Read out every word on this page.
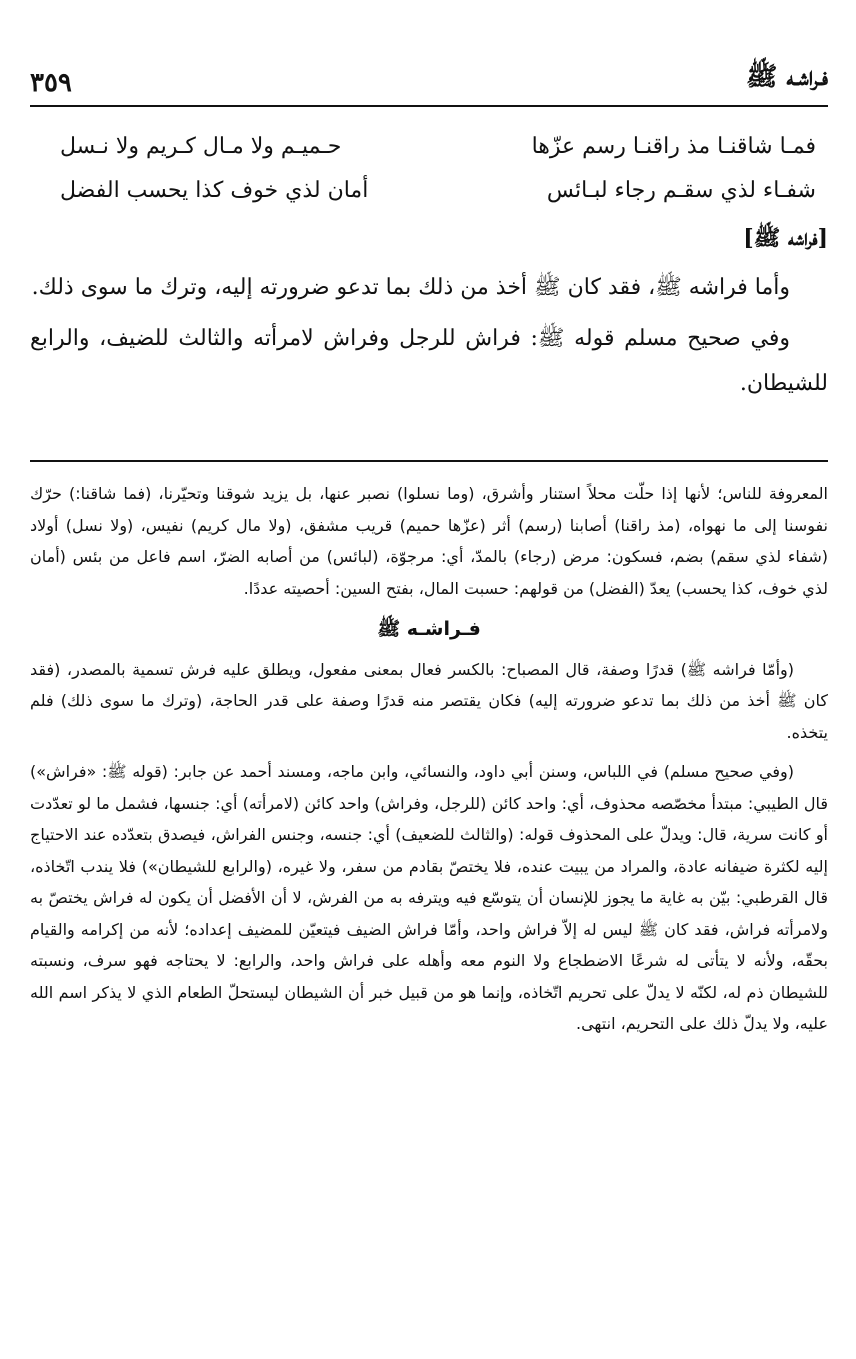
فـراشـه ﷺ
٣٥٩
فمـا شاقنـا مذ راقنـا رسم عزّها
حـميـم ولا مـال كـريم ولا نـسل
شفـاء لذي سقـم رجاء لبـائس
أمان لذي خوف كذا يحسب الفضل

[فراشه ﷺ]

وأما فراشه ﷺ، فقد كان ﷺ أخذ من ذلك بما تدعو ضرورته إليه، وترك ما سوى ذلك.

وفي صحيح مسلم قوله ﷺ: فراش للرجل وفراش لامرأته والثالث للضيف، والرابع للشيطان.

المعروفة للناس؛ لأنها إذا حلّت محلاً استنار وأشرق، (وما نسلوا) نصبر عنها، بل يزيد شوقنا وتحيّرنا، (فما شاقنا:) حرّك نفوسنا إلى ما نهواه، (مذ راقنا) أصابنا (رسم) أثر (عزّها حميم) قريب مشفق، (ولا مال كريم) نفيس، (ولا نسل) أولاد (شفاء لذي سقم) بضم، فسكون: مرض (رجاء) بالمدّ، أي: مرجوّة، (لبائس) من أصابه الضرّ، اسم فاعل من بئس (أمان لذي خوف، كذا يحسب) يعدّ (الفضل) من قولهم: حسبت المال، بفتح السين: أحصيته عددًا.

فـراشـه ﷺ

(وأمّا فراشه ﷺ) قدرًا وصفة، قال المصباح: بالكسر فعال بمعنى مفعول، ويطلق عليه فرش تسمية بالمصدر، (فقد كان ﷺ أخذ من ذلك بما تدعو ضرورته إليه) فكان يقتصر منه قدرًا وصفة على قدر الحاجة، (وترك ما سوى ذلك) فلم يتخذه.

(وفي صحيح مسلم) في اللباس، وسنن أبي داود، والنسائي، وابن ماجه، ومسند أحمد عن جابر: (قوله ﷺ: «فراش») قال الطيبي: مبتدأ مخصّصه محذوف، أي: واحد كائن (للرجل، وفراش) واحد كائن (لامرأته) أي: جنسها، فشمل ما لو تعدّدت أو كانت سرية، قال: ويدلّ على المحذوف قوله: (والثالث للضعيف) أي: جنسه، وجنس الفراش، فيصدق بتعدّده عند الاحتياج إليه لكثرة ضيفانه عادة، والمراد من يبيت عنده، فلا يختصّ بقادم من سفر، ولا غيره، (والرابع للشيطان») فلا يندب اتّخاذه، قال القرطبي: بيّن به غاية ما يجوز للإنسان أن يتوسّع فيه ويترفه به من الفرش، لا أن الأفضل أن يكون له فراش يختصّ به ولامرأته فراش، فقد كان ﷺ ليس له إلاّ فراش واحد، وأمّا فراش الضيف فيتعيّن للمضيف إعداده؛ لأنه من إكرامه والقيام بحقّه، ولأنه لا يتأتى له شرعًا الاضطجاع ولا النوم معه وأهله على فراش واحد، والرابع: لا يحتاجه فهو سرف، ونسبته للشيطان ذم له، لكنّه لا يدلّ على تحريم اتّخاذه، وإنما هو من قبيل خبر أن الشيطان ليستحلّ الطعام الذي لا يذكر اسم الله عليه، ولا يدلّ ذلك على التحريم، انتهى.
